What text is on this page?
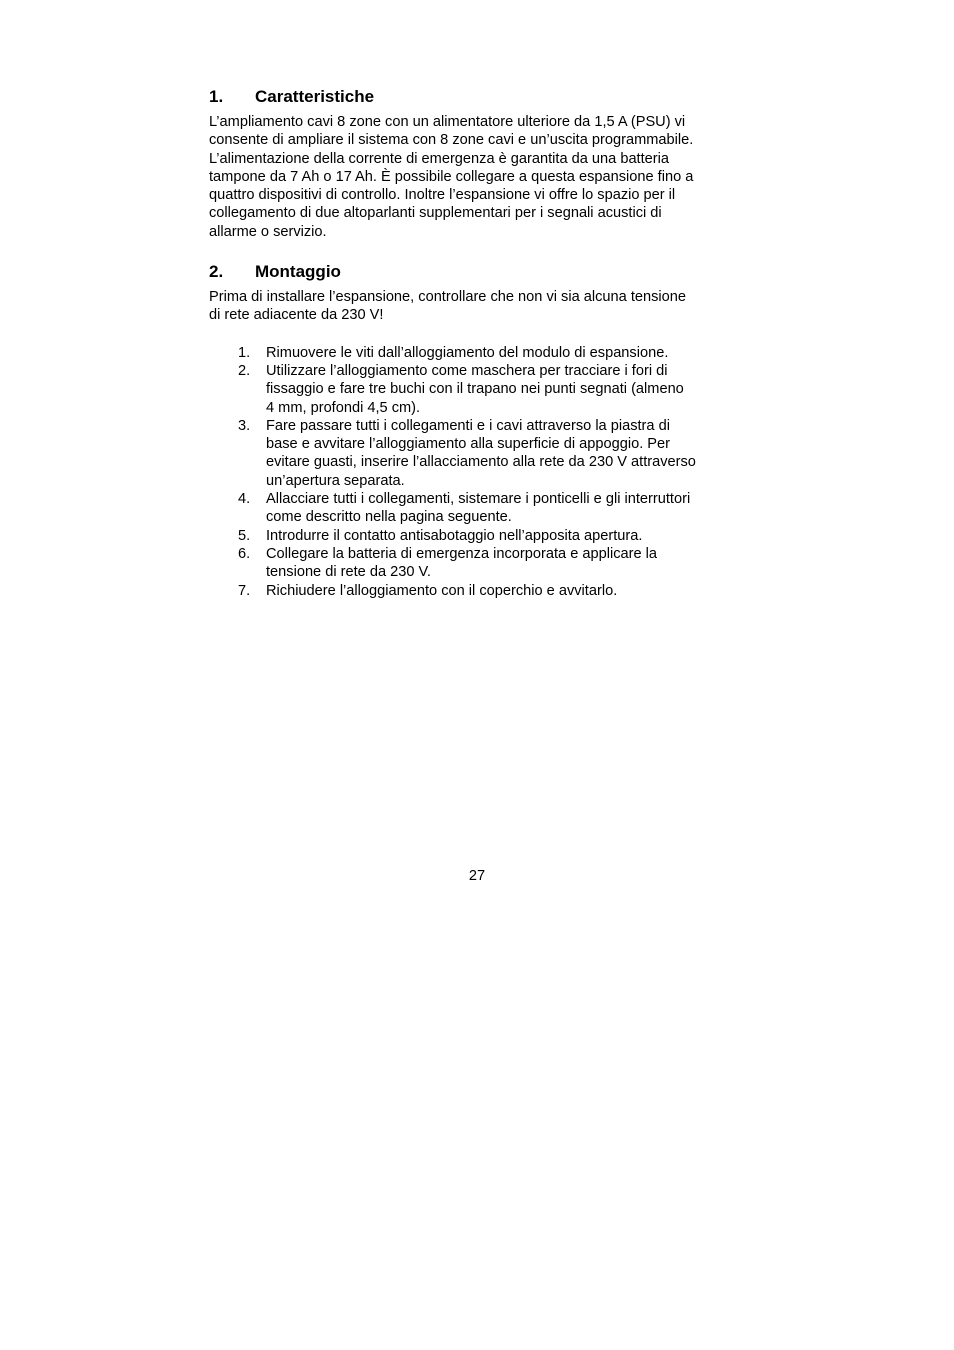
1.	Caratteristiche

L’ampliamento cavi 8 zone con un alimentatore ulteriore da 1,5 A (PSU) vi
consente di ampliare il sistema con 8 zone cavi e un’uscita programmabile.
L’alimentazione della corrente di emergenza è garantita da una batteria
tampone da 7 Ah o 17 Ah. È possibile collegare a questa espansione fino a
quattro dispositivi di controllo. Inoltre l’espansione vi offre lo spazio per il
collegamento di due altoparlanti supplementari per i segnali acustici di
allarme o servizio.

2.	Montaggio

Prima di installare l’espansione, controllare che non vi sia alcuna tensione
di rete adiacente da 230 V!

1.	Rimuovere le viti dall’alloggiamento del modulo di espansione.
2.	Utilizzare l’alloggiamento come maschera per tracciare i fori di
fissaggio e fare tre buchi con il trapano nei punti segnati (almeno
4 mm, profondi 4,5 cm).
3.	Fare passare tutti i collegamenti e i cavi attraverso la piastra di
base e avvitare l’alloggiamento alla superficie di appoggio. Per
evitare guasti, inserire l’allacciamento alla rete da 230 V attraverso
un’apertura separata.
4.	Allacciare tutti i collegamenti, sistemare i ponticelli e gli interruttori
come descritto nella pagina seguente.
5.	Introdurre il contatto antisabotaggio nell’apposita apertura.
6.	Collegare la batteria di emergenza incorporata e applicare la
tensione di rete da 230 V.
7.	Richiudere l’alloggiamento con il coperchio e avvitarlo.
27
